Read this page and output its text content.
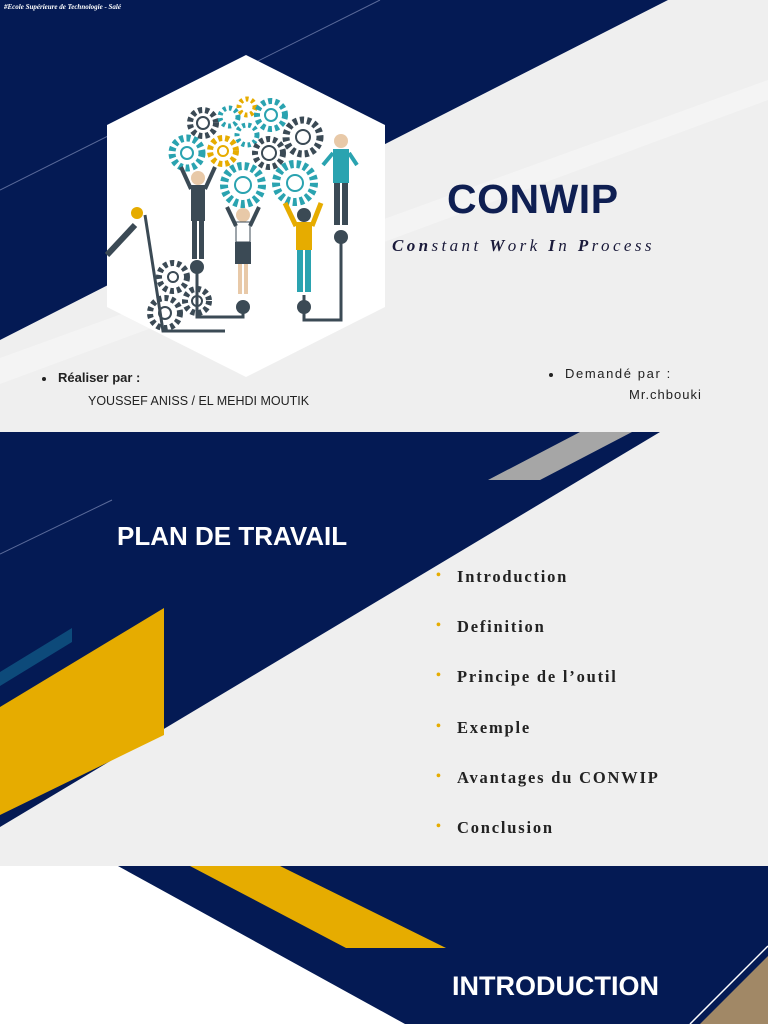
#Ecole Supérieure de Technologie - Salé
CONWIP
Constant Work In Process
Réaliser par :
YOUSSEF ANISS / EL MEHDI MOUTIK
Demandé par :
Mr.chbouki
PLAN DE TRAVAIL
• Introduction
• Definition
• Principe de l’outil
• Exemple
• Avantages du CONWIP
• Conclusion
INTRODUCTION
